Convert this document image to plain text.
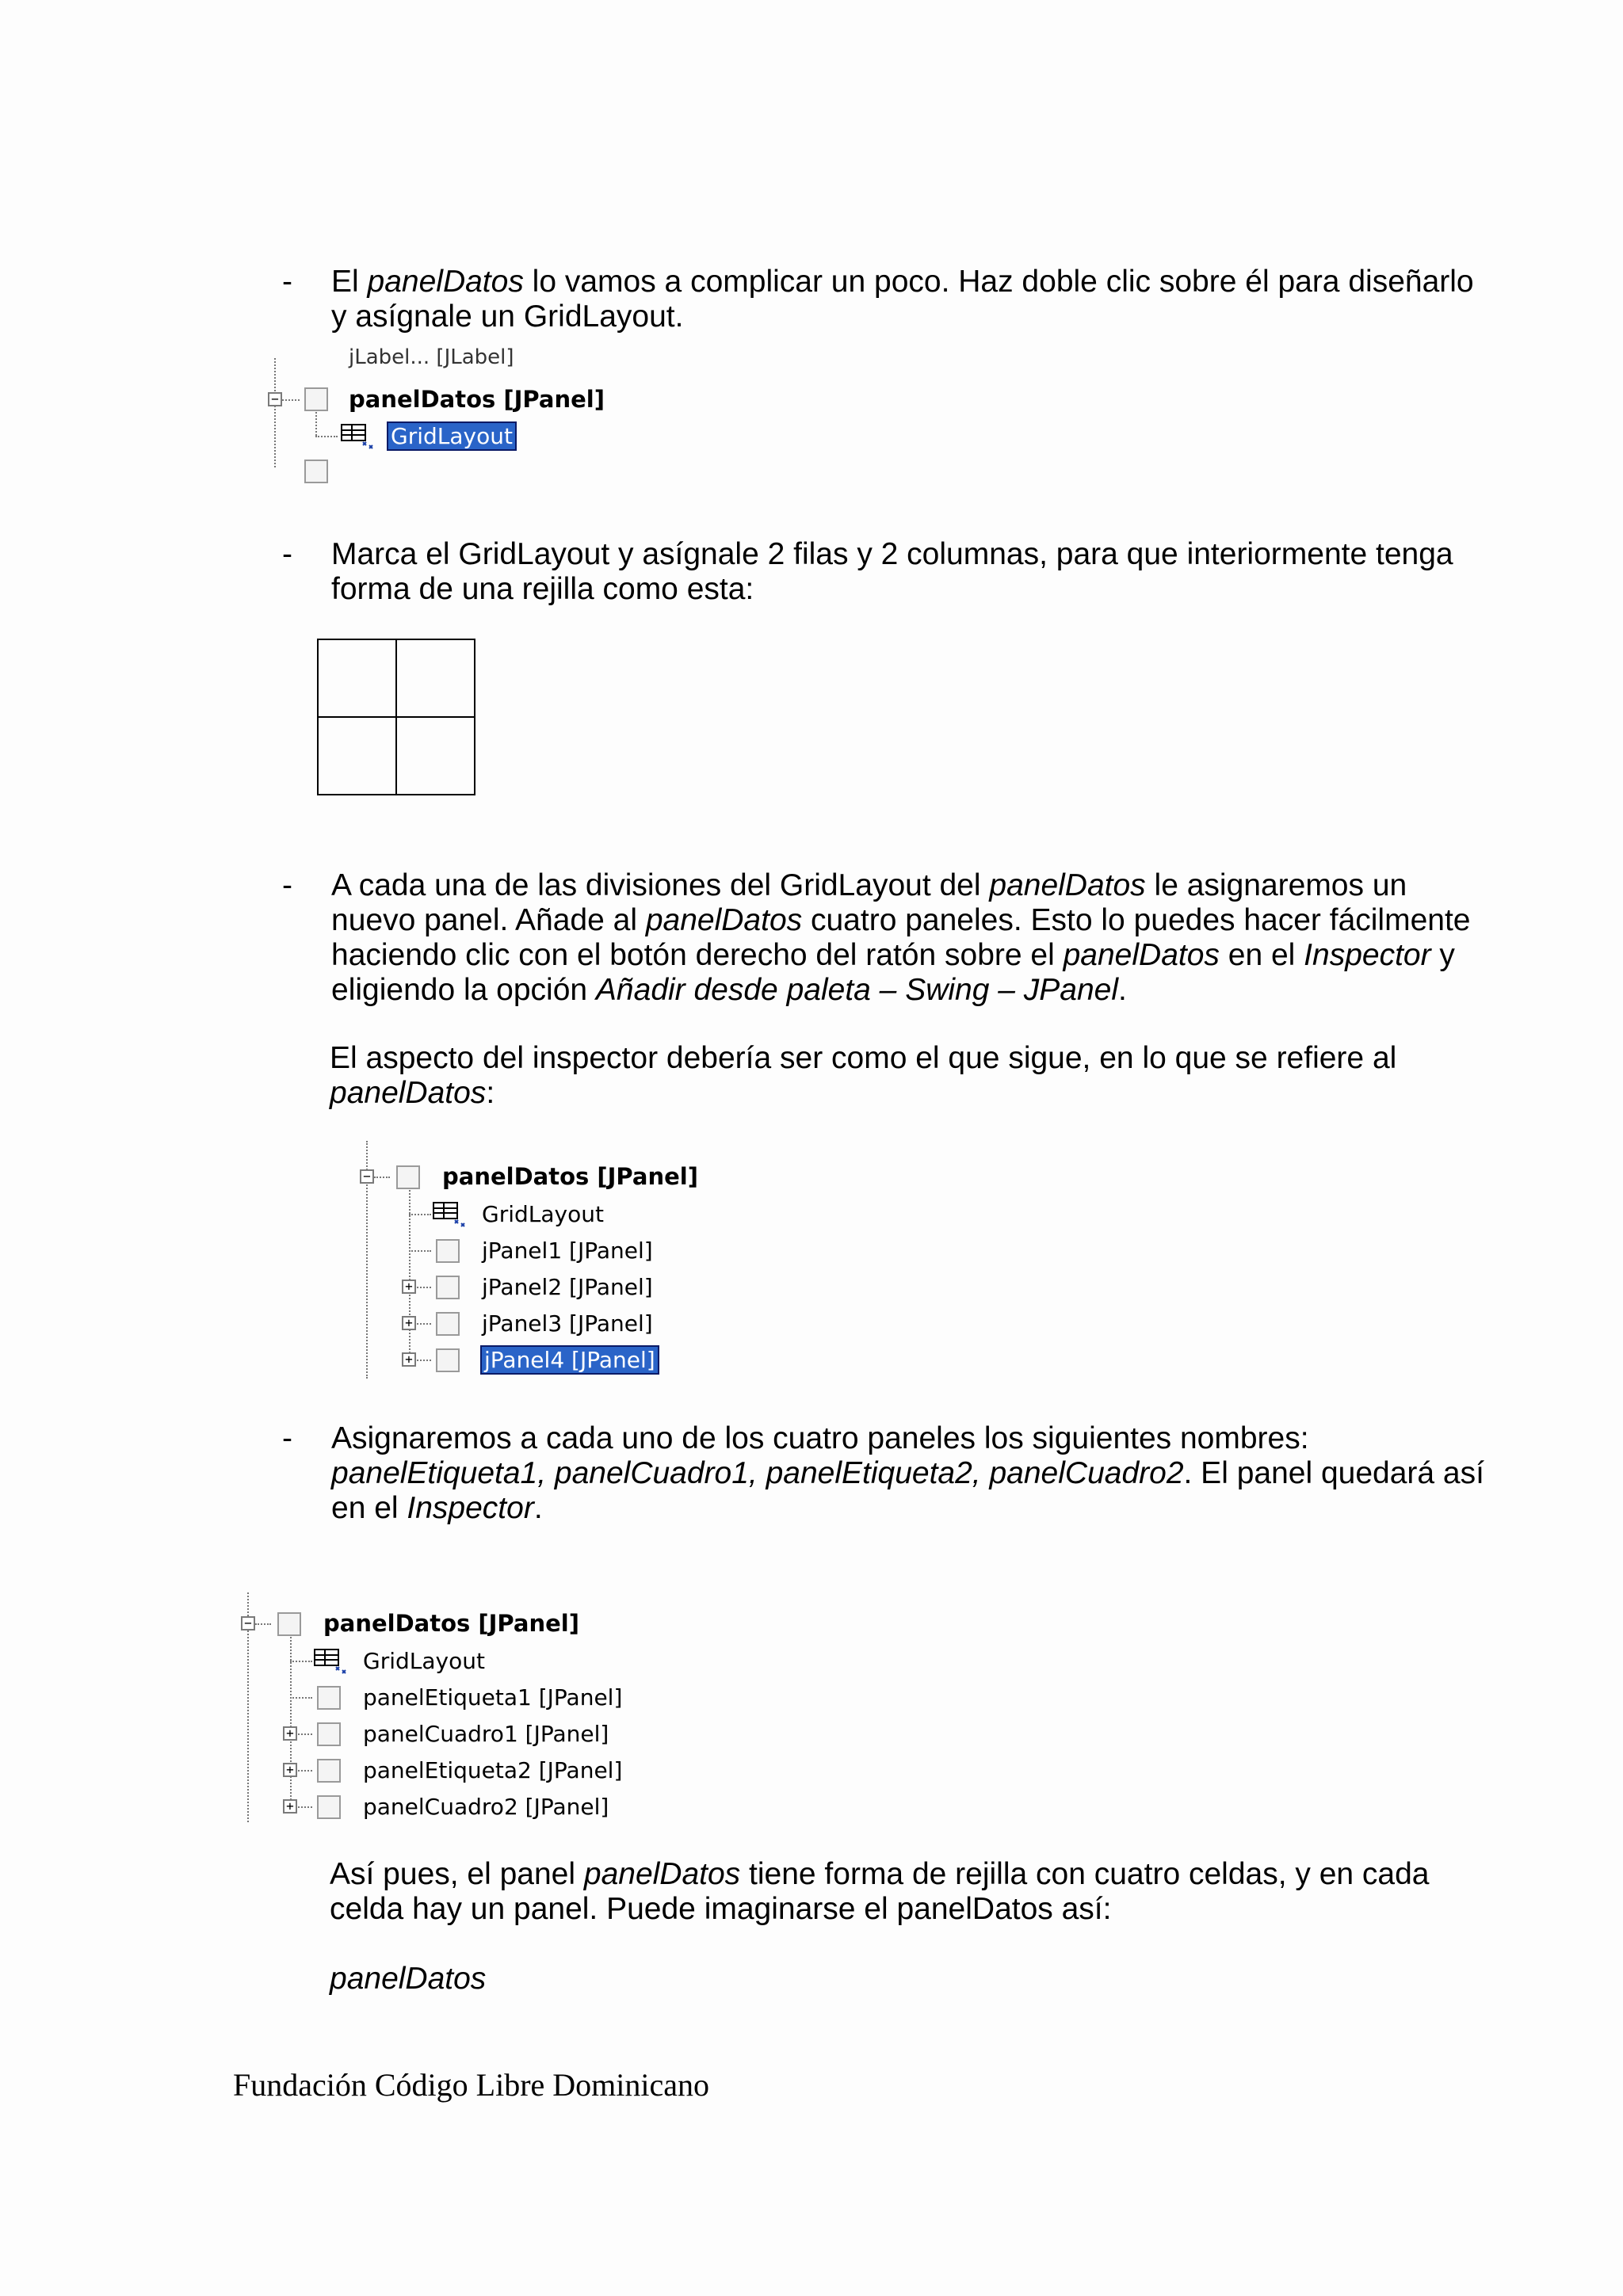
- El panelDatos lo vamos a complicar un poco. Haz doble clic sobre él para diseñarlo y asígnale un GridLayout.
jLabel... [JLabel]
−	panelDatos [JPanel]
GridLayout
- Marca el GridLayout y asígnale 2 filas y 2 columnas, para que interiormente tenga forma de una rejilla como esta:
- A cada una de las divisiones del GridLayout del panelDatos le asignaremos un nuevo panel. Añade al panelDatos cuatro paneles. Esto lo puedes hacer fácilmente haciendo clic con el botón derecho del ratón sobre el panelDatos en el Inspector y eligiendo la opción Añadir desde paleta – Swing – JPanel.
El aspecto del inspector debería ser como el que sigue, en lo que se refiere al panelDatos:
−	panelDatos [JPanel]
GridLayout
jPanel1 [JPanel]
+	jPanel2 [JPanel]
+	jPanel3 [JPanel]
+	jPanel4 [JPanel]
- Asignaremos a cada uno de los cuatro paneles los siguientes nombres: panelEtiqueta1, panelCuadro1, panelEtiqueta2, panelCuadro2. El panel quedará así en el Inspector.
−	panelDatos [JPanel]
GridLayout
panelEtiqueta1 [JPanel]
+	panelCuadro1 [JPanel]
+	panelEtiqueta2 [JPanel]
+	panelCuadro2 [JPanel]
Así pues, el panel panelDatos tiene forma de rejilla con cuatro celdas, y en cada celda hay un panel. Puede imaginarse el panelDatos así:
panelDatos
Fundación Código Libre Dominicano
